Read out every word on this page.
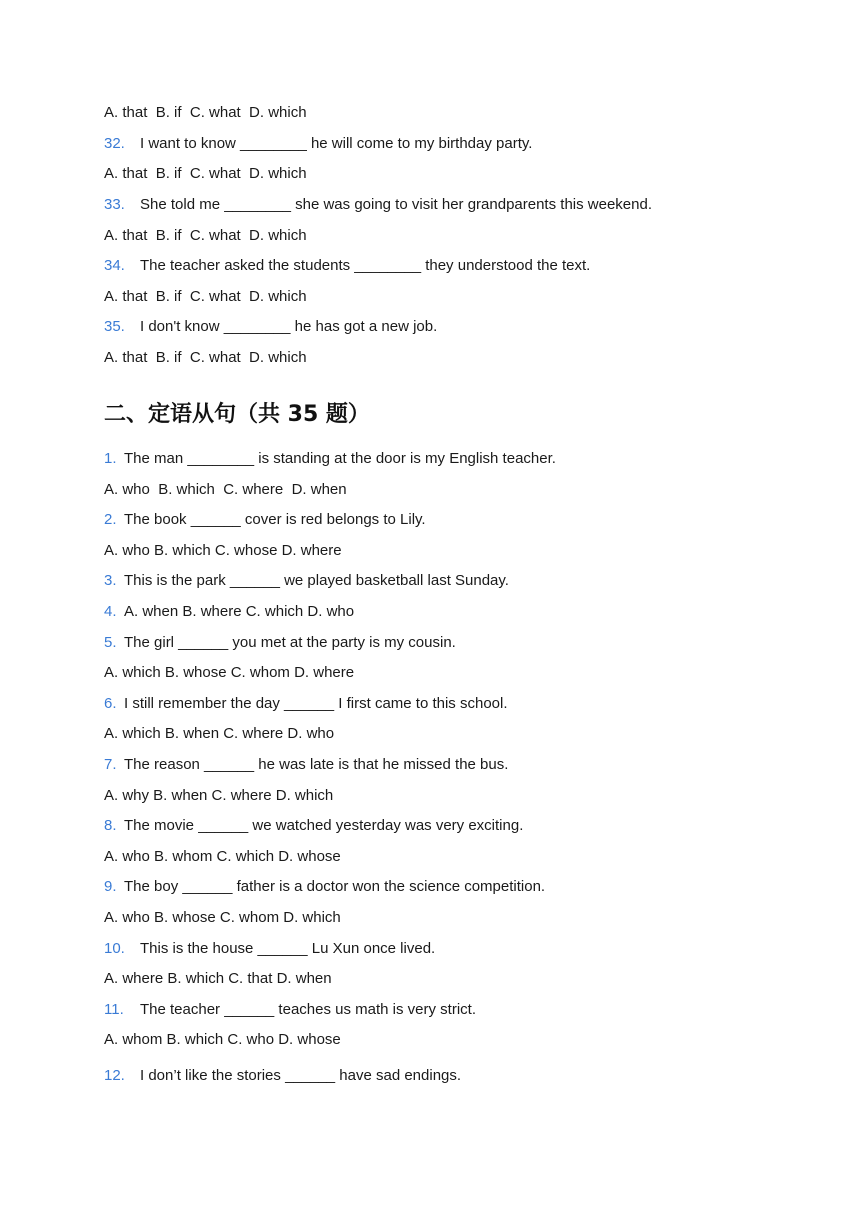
A. that  B. if  C. what  D. which
32. I want to know ________ he will come to my birthday party.
A. that  B. if  C. what  D. which
33. She told me ________ she was going to visit her grandparents this weekend.
A. that  B. if  C. what  D. which
34. The teacher asked the students ________ they understood the text.
A. that  B. if  C. what  D. which
35. I don't know ________ he has got a new job.
A. that  B. if  C. what  D. which
二、定语从句（共 35 题）
1. The man ________ is standing at the door is my English teacher.
A. who  B. which  C. where  D. when
2. The book ______ cover is red belongs to Lily.
A. who B. which C. whose D. where
3. This is the park ______ we played basketball last Sunday.
4. A. when B. where C. which D. who
5. The girl ______ you met at the party is my cousin.
A. which B. whose C. whom D. where
6. I still remember the day ______ I first came to this school.
A. which B. when C. where D. who
7. The reason ______ he was late is that he missed the bus.
A. why B. when C. where D. which
8. The movie ______ we watched yesterday was very exciting.
A. who B. whom C. which D. whose
9. The boy ______ father is a doctor won the science competition.
A. who B. whose C. whom D. which
10. This is the house ______ Lu Xun once lived.
A. where B. which C. that D. when
11. The teacher ______ teaches us math is very strict.
A. whom B. which C. who D. whose
12. I don’t like the stories ______ have sad endings.
